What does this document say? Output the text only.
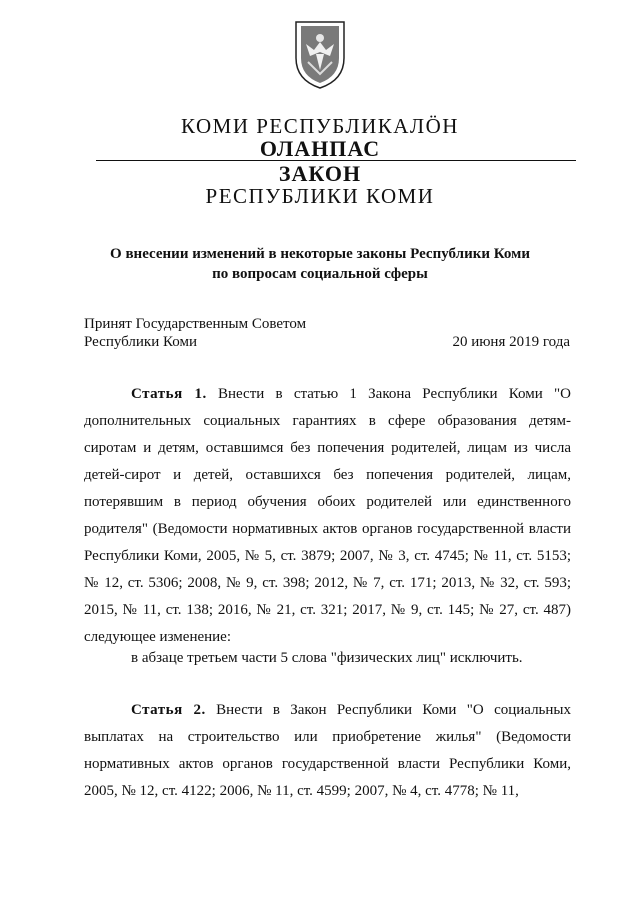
КОМИ РЕСПУБЛИКАЛӦН
ОЛАНПАС
ЗАКОН
РЕСПУБЛИКИ КОМИ
О внесении изменений в некоторые законы Республики Коми
по вопросам социальной сферы
Принят Государственным Советом
Республики Коми	20 июня 2019 года

Статья 1. Внести в статью 1 Закона Республики Коми "О дополнительных социальных гарантиях в сфере образования детям-сиротам и детям, оставшимся без попечения родителей, лицам из числа детей-сирот и детей, оставшихся без попечения родителей, лицам, потерявшим в период обучения обоих родителей или единственного родителя" (Ведомости нормативных актов органов государственной власти Республики Коми, 2005, № 5, ст. 3879; 2007, № 3, ст. 4745; № 11, ст. 5153; № 12, ст. 5306; 2008, № 9, ст. 398; 2012, № 7, ст. 171; 2013, № 32, ст. 593; 2015, № 11, ст. 138; 2016, № 21, ст. 321; 2017, № 9, ст. 145; № 27, ст. 487) следующее изменение:

в абзаце третьем части 5 слова "физических лиц" исключить.

Статья 2. Внести в Закон Республики Коми "О социальных выплатах на строительство или приобретение жилья" (Ведомости нормативных актов органов государственной власти Республики Коми, 2005, № 12, ст. 4122; 2006, № 11, ст. 4599; 2007, № 4, ст. 4778; № 11,
